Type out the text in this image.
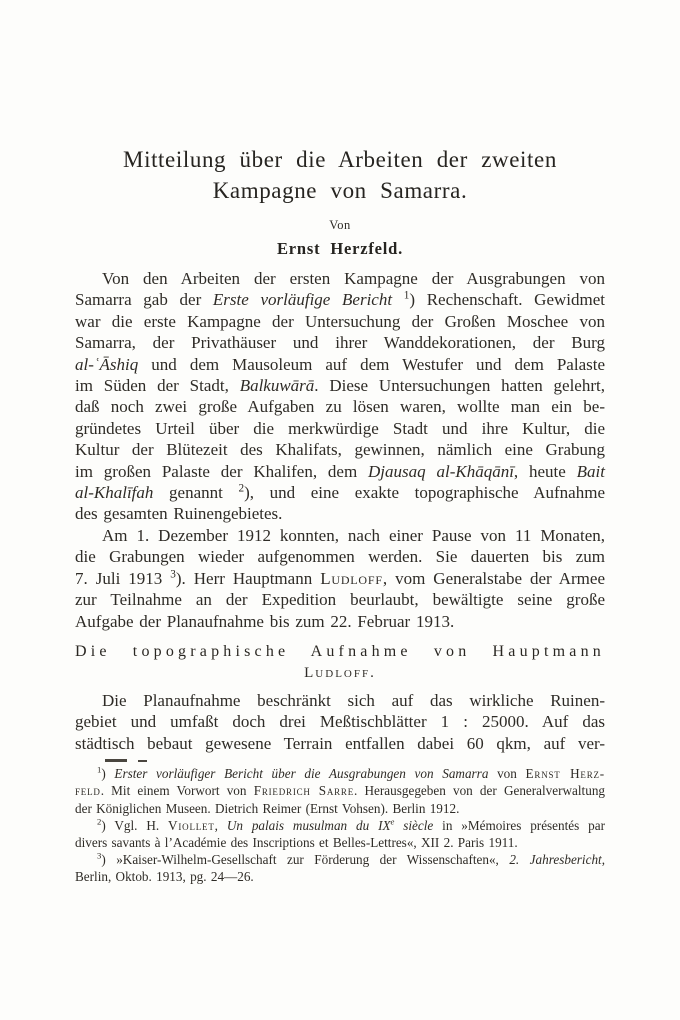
Mitteilung über die Arbeiten der zweiten
Kampagne von Samarra.
Von
Ernst Herzfeld.
Von den Arbeiten der ersten Kampagne der Ausgrabungen von
Samarra gab der Erste vorläufige Bericht $^1$) Rechenschaft. Gewidmet
war die erste Kampagne der Untersuchung der Großen Moschee von
Samarra, der Privathäuser und ihrer Wanddekorationen, der Burg
al-ʿĀshiq und dem Mausoleum auf dem Westufer und dem Palaste
im Süden der Stadt, Balkuwārā. Diese Untersuchungen hatten gelehrt,
daß noch zwei große Aufgaben zu lösen waren, wollte man ein be-
gründetes Urteil über die merkwürdige Stadt und ihre Kultur, die
Kultur der Blütezeit des Khalifats, gewinnen, nämlich eine Grabung
im großen Palaste der Khalifen, dem Djausaq al-Khāqānī, heute Bait
al-Khalīfah genannt $^2$), und eine exakte topographische Aufnahme
des gesamten Ruinengebietes.
Am 1. Dezember 1912 konnten, nach einer Pause von 11 Monaten,
die Grabungen wieder aufgenommen werden. Sie dauerten bis zum
7. Juli 1913 $^3$). Herr Hauptmann Ludloff, vom Generalstabe der Armee
zur Teilnahme an der Expedition beurlaubt, bewältigte seine große
Aufgabe der Planaufnahme bis zum 22. Februar 1913.
Die topographische Aufnahme von Hauptmann
Ludloff.
Die Planaufnahme beschränkt sich auf das wirkliche Ruinen-
gebiet und umfaßt doch drei Meßtischblätter 1 : 25000. Auf das
städtisch bebaut gewesene Terrain entfallen dabei 60 qkm, auf ver-

$^1$) Erster vorläufiger Bericht über die Ausgrabungen von Samarra von Ernst Herz-
feld. Mit einem Vorwort von Friedrich Sarre. Herausgegeben von der Generalverwaltung
der Königlichen Museen. Dietrich Reimer (Ernst Vohsen). Berlin 1912.
$^2$) Vgl. H. Viollet, Un palais musulman du IXe siècle in »Mémoires présentés par
divers savants à l’Académie des Inscriptions et Belles-Lettres«, XII 2. Paris 1911.
$^3$) »Kaiser-Wilhelm-Gesellschaft zur Förderung der Wissenschaften«, 2. Jahresbericht,
Berlin, Oktob. 1913, pg. 24—26.
